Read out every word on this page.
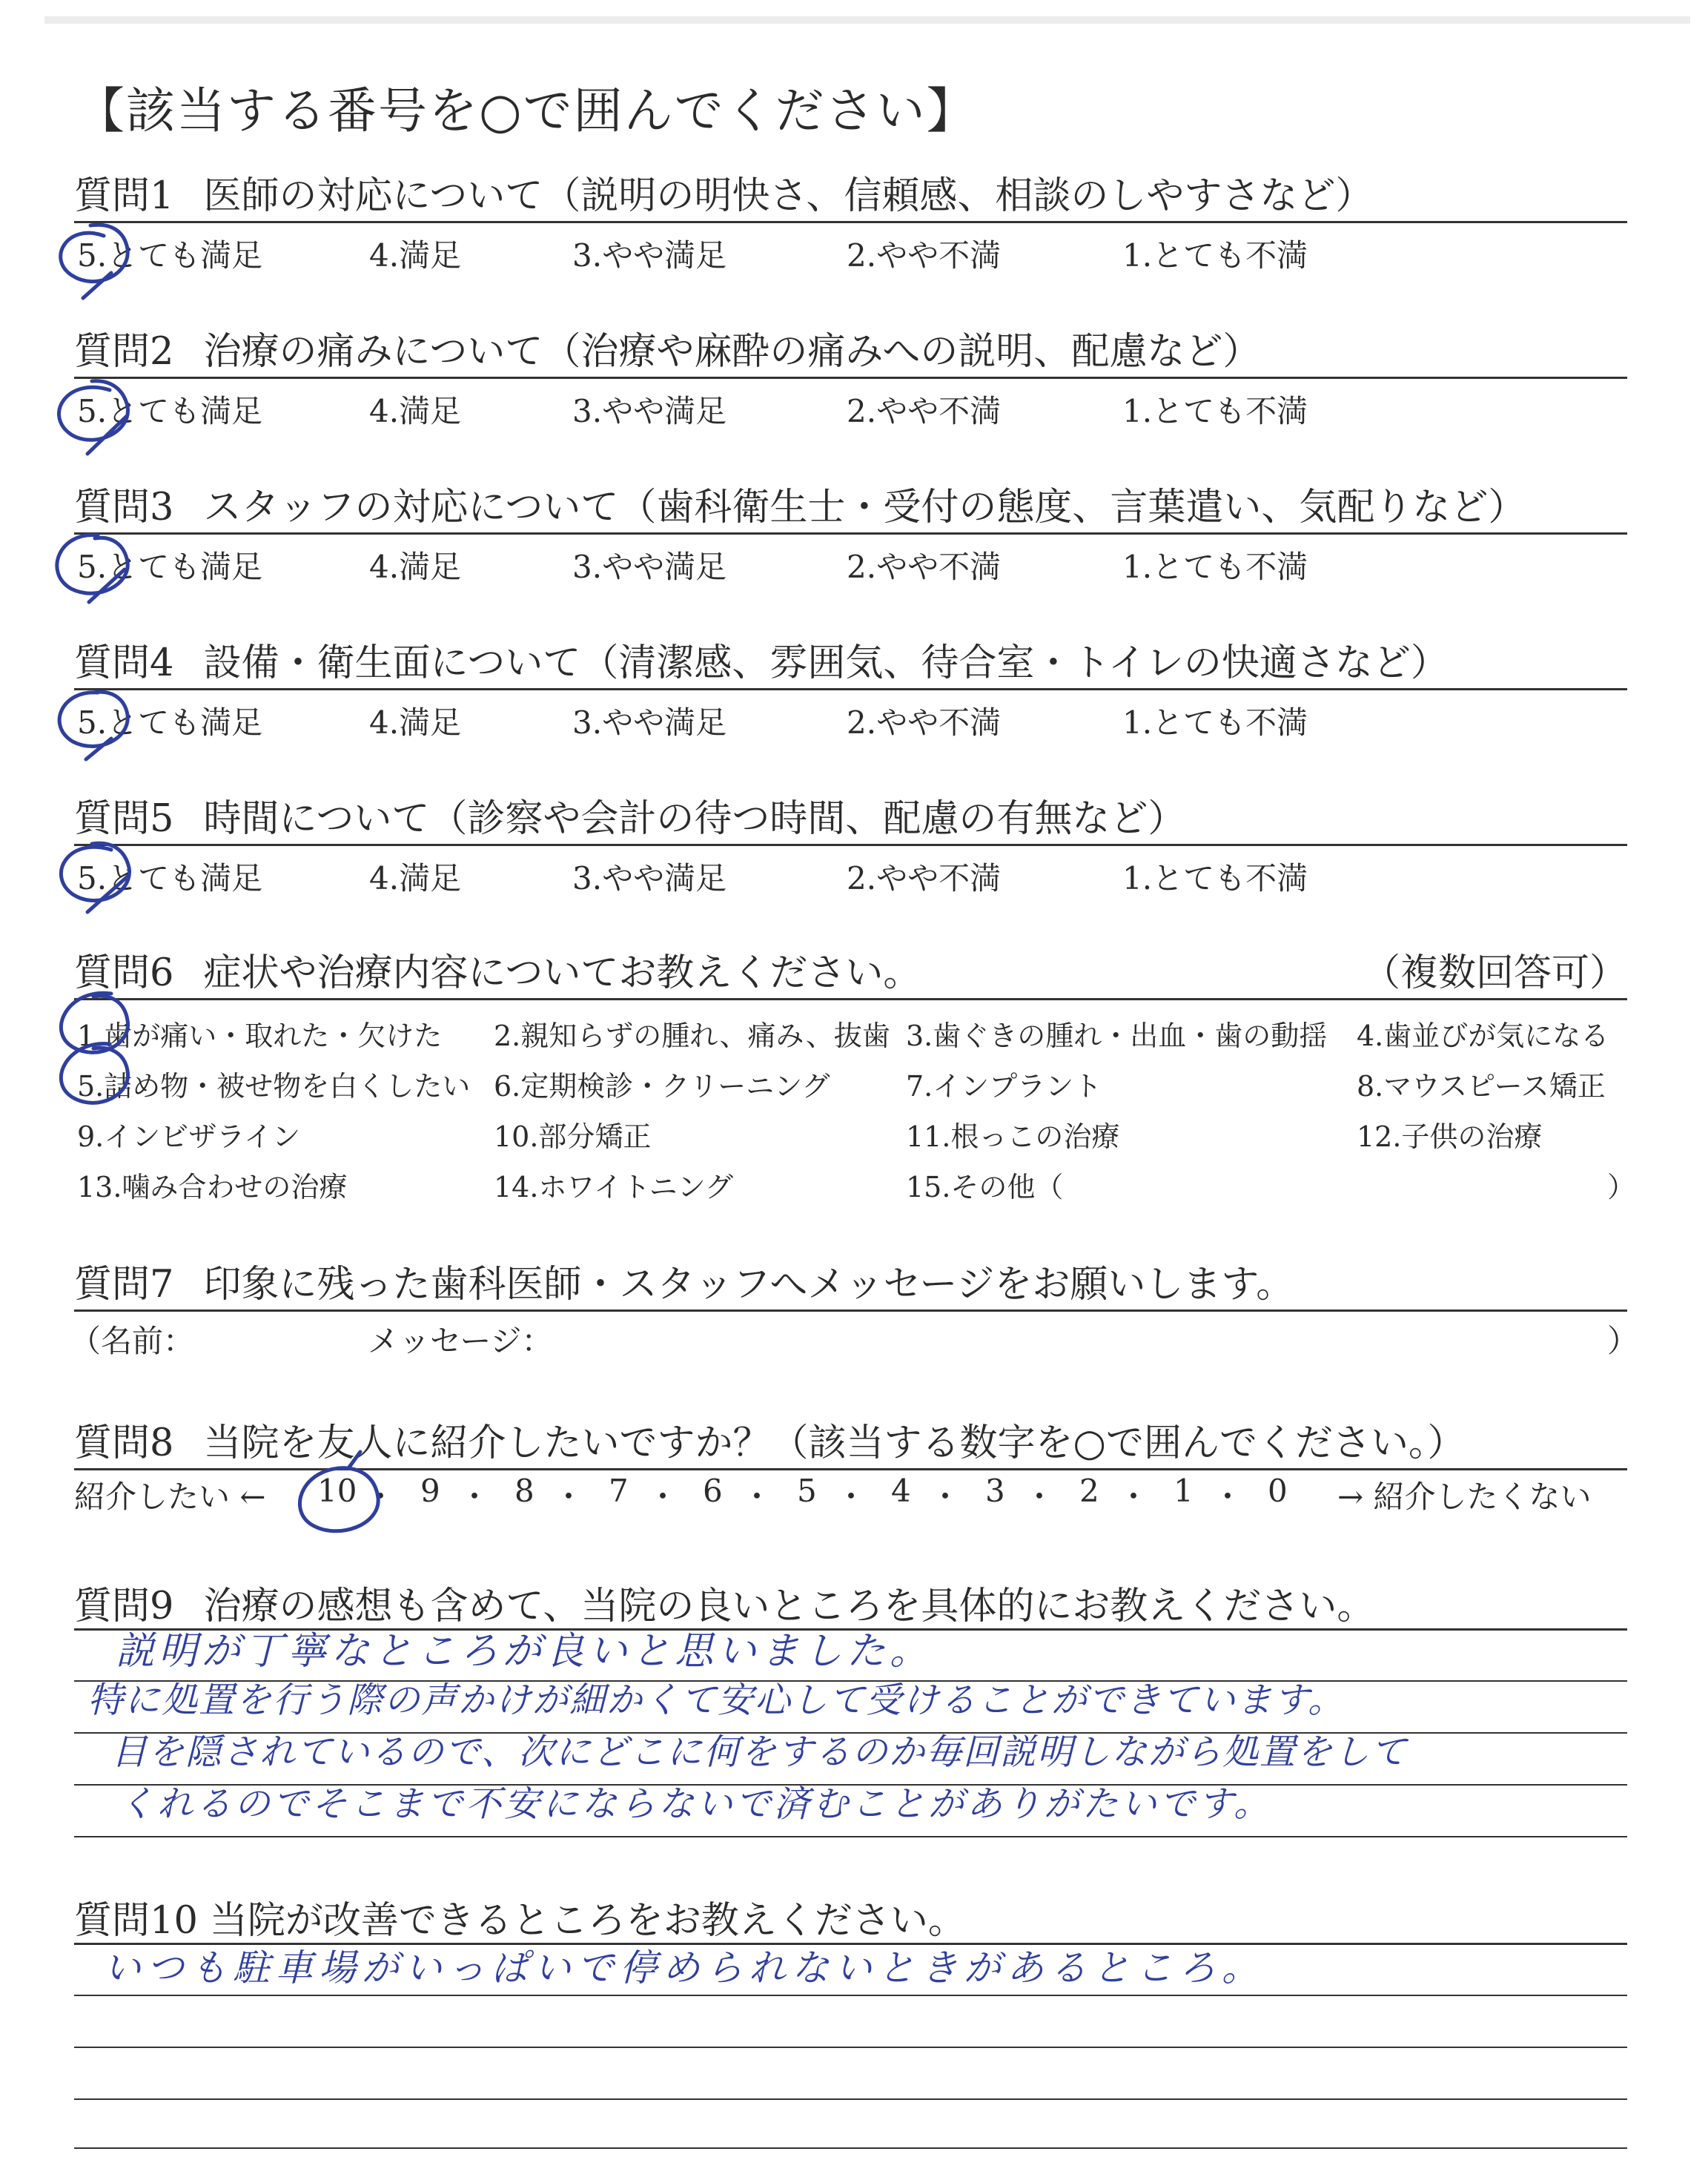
【該当する番号を○で囲んでください】
質問1 医師の対応について（説明の明快さ、信頼感、相談のしやすさなど）
5.とても満足	4.満足	3.やや満足	2.やや不満	1.とても不満
質問2 治療の痛みについて（治療や麻酔の痛みへの説明、配慮など）
5.とても満足	4.満足	3.やや満足	2.やや不満	1.とても不満
質問3 スタッフの対応について（歯科衛生士・受付の態度、言葉遣い、気配りなど）
5.とても満足	4.満足	3.やや満足	2.やや不満	1.とても不満
質問4 設備・衛生面について（清潔感、雰囲気、待合室・トイレの快適さなど）
5.とても満足	4.満足	3.やや満足	2.やや不満	1.とても不満
質問5 時間について（診察や会計の待つ時間、配慮の有無など）
5.とても満足	4.満足	3.やや満足	2.やや不満	1.とても不満
質問6 症状や治療内容についてお教えください。	（複数回答可）
1.歯が痛い・取れた・欠けた 2.親知らずの腫れ、痛み、抜歯 3.歯ぐきの腫れ・出血・歯の動揺 4.歯並びが気になる
5.詰め物・被せ物を白くしたい 6.定期検診・クリーニング	7.インプラント	8.マウスピース矯正
9.インビザライン	10.部分矯正	11.根っこの治療	12.子供の治療
13.噛み合わせの治療	14.ホワイトニング	15.その他（	）
質問7 印象に残った歯科医師・スタッフへメッセージをお願いします。
（名前：	メッセージ：	）
質問8 当院を友人に紹介したいですか？（該当する数字を○で囲んでください。）
紹介したい ←	→ 紹介したくない
10 ・ 9 ・ 8 ・ 7 ・ 6 ・ 5 ・ 4 ・ 3 ・ 2 ・ 1 ・ 0
質問9 治療の感想も含めて、当院の良いところを具体的にお教えください。
説明が丁寧なところが良いと思いました。
特に処置を行う際の声かけが細かくて安心して受けることができています。
目を隠されているので、次にどこに何をするのか毎回説明しながら処置をして
くれるのでそこまで不安にならないで済むことがありがたいです。
質問10 当院が改善できるところをお教えください。
いつも駐車場がいっぱいで停められないときがあるところ。
